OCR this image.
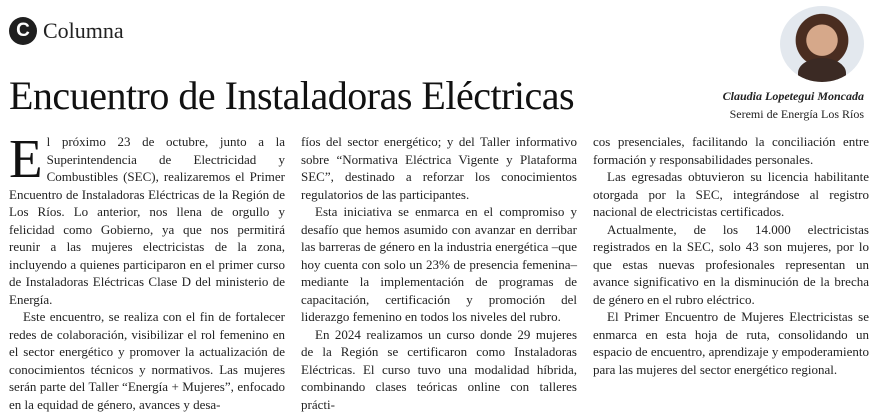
C Columna
Encuentro de Instaladoras Eléctricas	Claudia Lopetegui Moncada
Seremi de Energía Los Ríos

El próximo 23 de octubre, junto a la Superintendencia de Electricidad y Combustibles (SEC), realizaremos el Primer Encuentro de Instaladoras Eléctricas de la Región de Los Ríos. Lo anterior, nos llena de orgullo y felicidad como Gobierno, ya que nos permitirá reunir a las mujeres electricistas de la zona, incluyendo a quienes participaron en el primer curso de Instaladoras Eléctricas Clase D del ministerio de Energía.

Este encuentro, se realiza con el fin de fortalecer redes de colaboración, visibilizar el rol femenino en el sector energético y promover la actualización de conocimientos técnicos y normativos. Las mujeres serán parte del Taller “Energía + Mujeres”, enfocado en la equidad de género, avances y desa-

fíos del sector energético; y del Taller informativo sobre “Normativa Eléctrica Vigente y Plataforma SEC”, destinado a reforzar los conocimientos regulatorios de las participantes.

Esta iniciativa se enmarca en el compromiso y desafío que hemos asumido con avanzar en derribar las barreras de género en la industria energética –que hoy cuenta con solo un 23% de presencia femenina– mediante la implementación de programas de capacitación, certificación y promoción del liderazgo femenino en todos los niveles del rubro.

En 2024 realizamos un curso donde 29 mujeres de la Región se certificaron como Instaladoras Eléctricas. El curso tuvo una modalidad híbrida, combinando clases teóricas online con talleres prácti-

cos presenciales, facilitando la conciliación entre formación y responsabilidades personales.

Las egresadas obtuvieron su licencia habilitante otorgada por la SEC, integrándose al registro nacional de electricistas certificados.

Actualmente, de los 14.000 electricistas registrados en la SEC, solo 43 son mujeres, por lo que estas nuevas profesionales representan un avance significativo en la disminución de la brecha de género en el rubro eléctrico.

El Primer Encuentro de Mujeres Electricistas se enmarca en esta hoja de ruta, consolidando un espacio de encuentro, aprendizaje y empoderamiento para las mujeres del sector energético regional.
